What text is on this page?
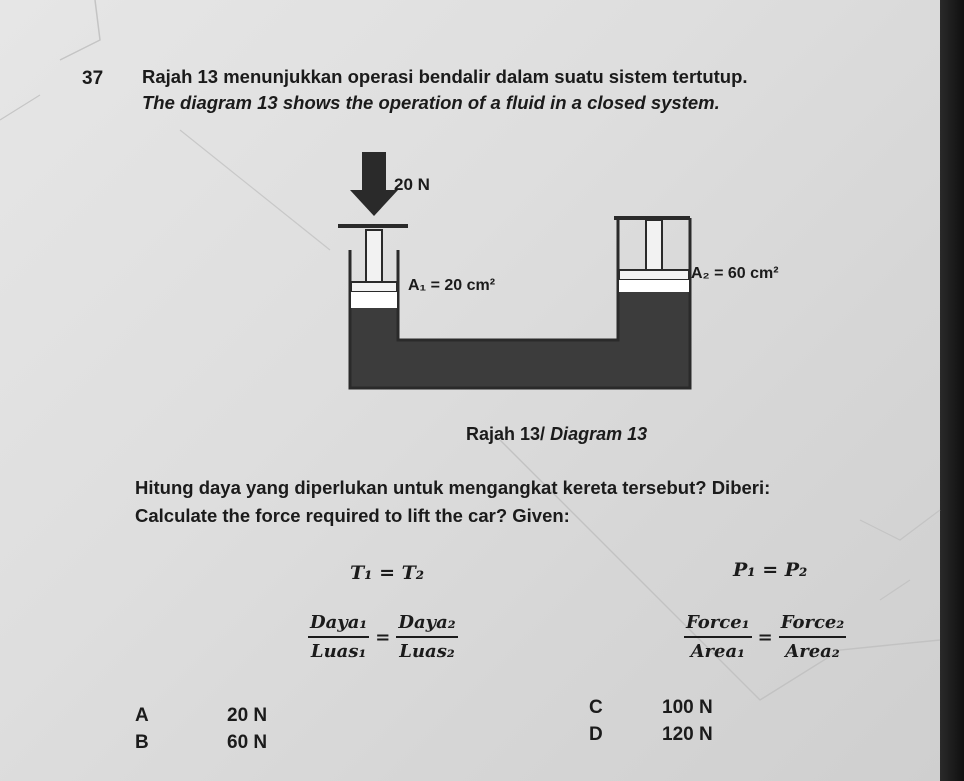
37 Rajah 13 menunjukkan operasi bendalir dalam suatu sistem tertutup.
The diagram 13 shows the operation of a fluid in a closed system.
20 N
A₁ = 20 cm²
A₂ = 60 cm²
Rajah 13/ Diagram 13
Hitung daya yang diperlukan untuk mengangkat kereta tersebut? Diberi:
Calculate the force required to lift the car? Given:
T₁ = T₂	P₁ = P₂
$\frac{\text{Daya₁}}{\text{Luas₁}} = \frac{\text{Daya₂}}{\text{Luas₂}}$	$\frac{\text{Force₁}}{\text{Area₁}} = \frac{\text{Force₂}}{\text{Area₂}}$
A	20 N
B	60 N
C	100 N
D	120 N
